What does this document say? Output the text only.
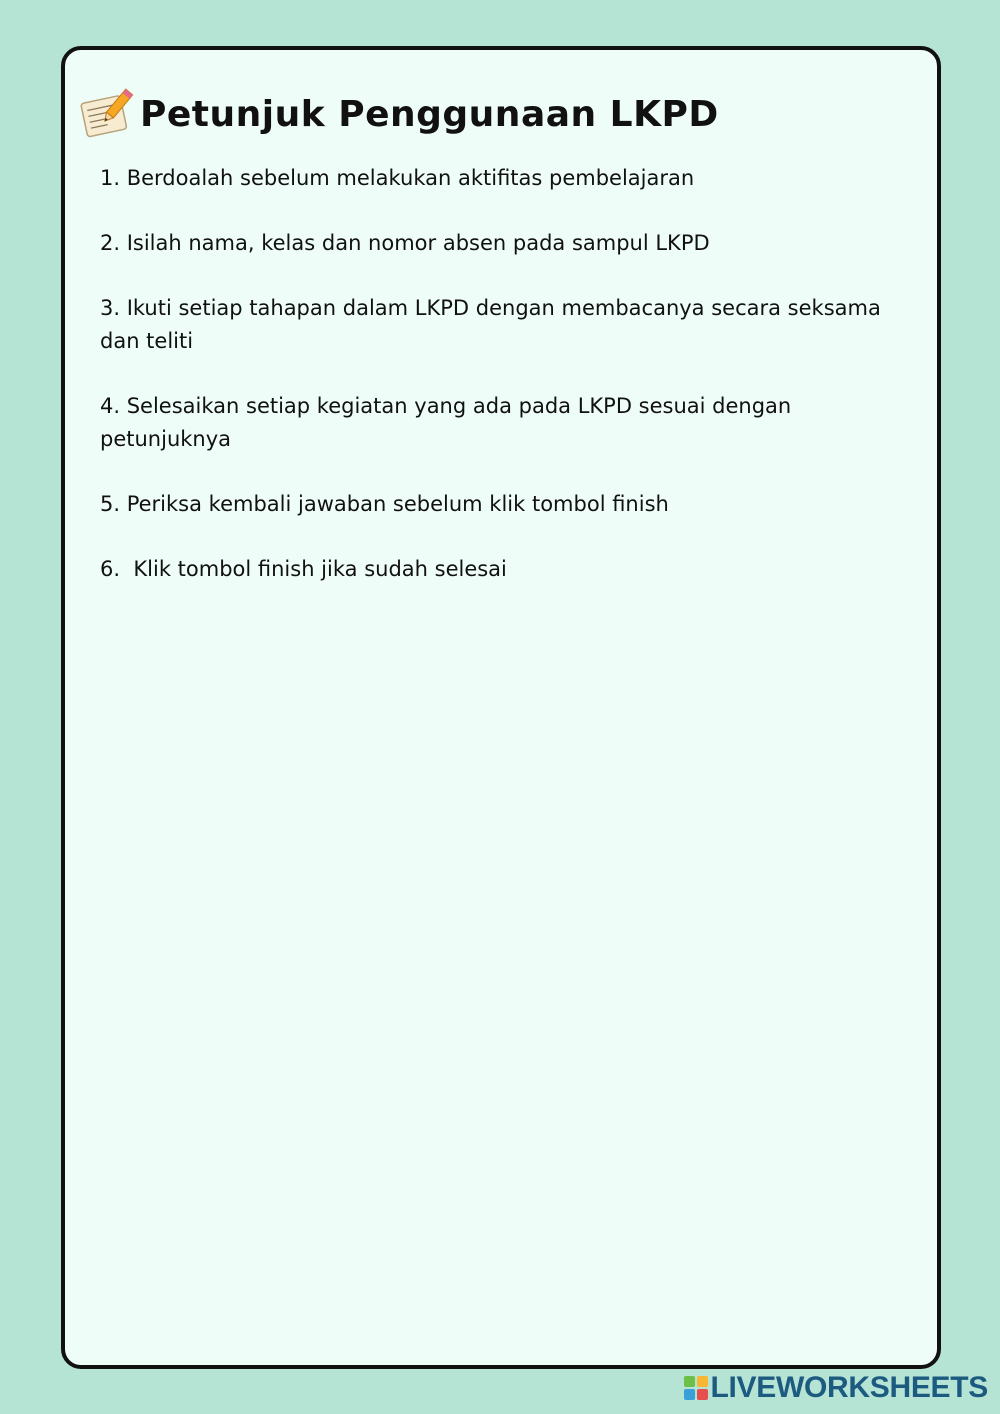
Petunjuk Penggunaan LKPD
1. Berdoalah sebelum melakukan aktifitas pembelajaran
2. Isilah nama, kelas dan nomor absen pada sampul LKPD
3. Ikuti setiap tahapan dalam LKPD dengan membacanya secara seksama dan teliti
4. Selesaikan setiap kegiatan yang ada pada LKPD sesuai dengan petunjuknya
5. Periksa kembali jawaban sebelum klik tombol finish
6.  Klik tombol finish jika sudah selesai
LIVEWORKSHEETS
